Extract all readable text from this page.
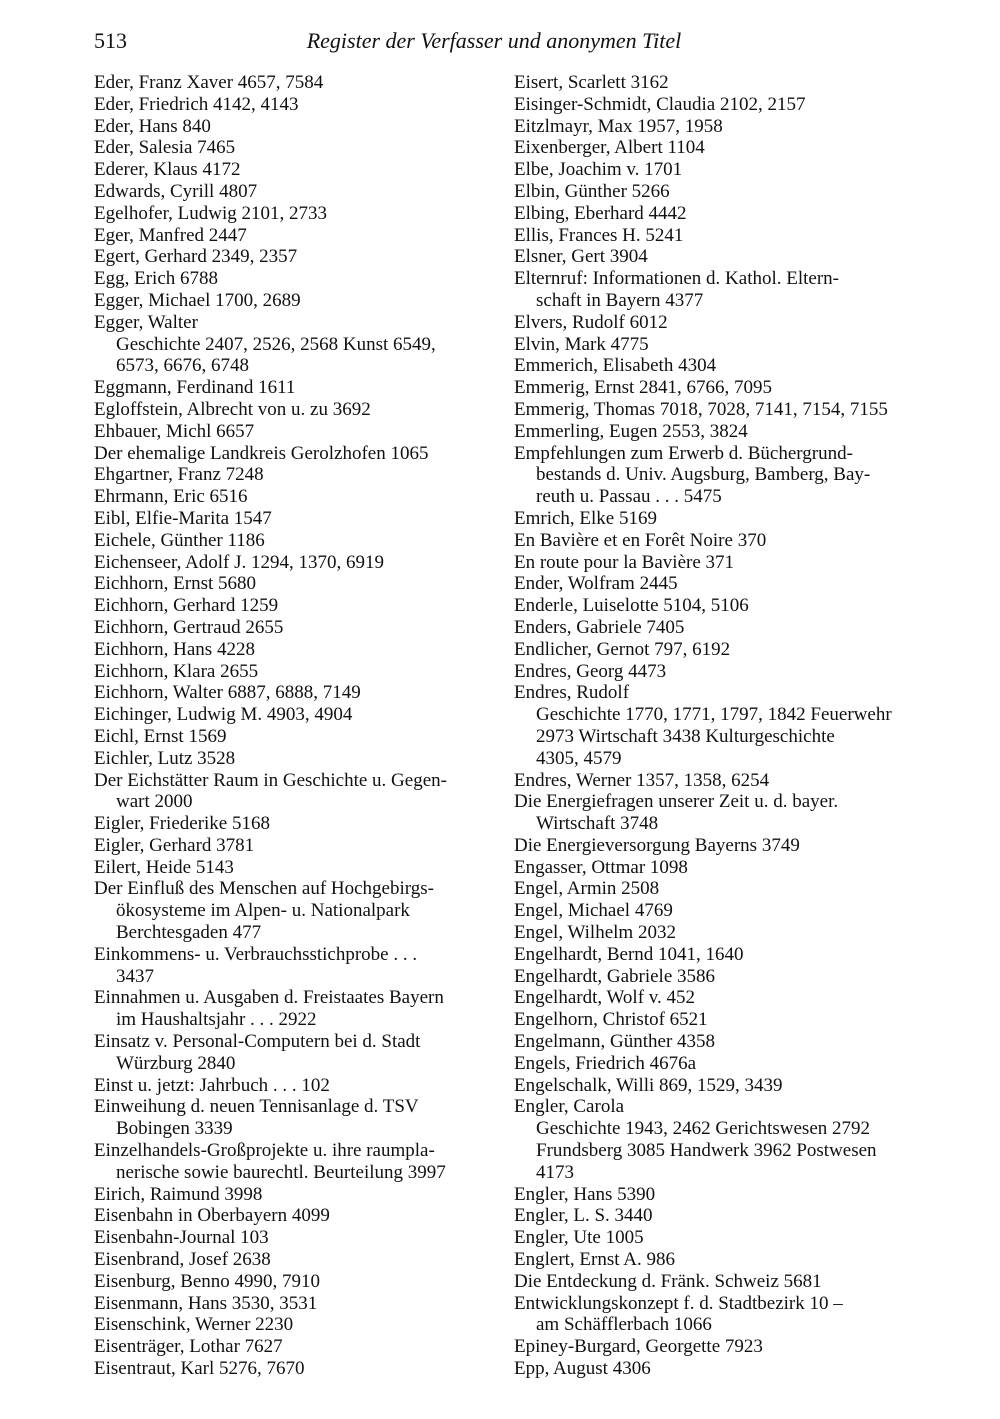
513	Register der Verfasser und anonymen Titel

Eder, Franz Xaver 4657, 7584

Eder, Friedrich 4142, 4143

Eder, Hans 840

Eder, Salesia 7465

Ederer, Klaus 4172

Edwards, Cyrill 4807

Egelhofer, Ludwig 2101, 2733

Eger, Manfred 2447

Egert, Gerhard 2349, 2357

Egg, Erich 6788

Egger, Michael 1700, 2689

Egger, Walter
Geschichte 2407, 2526, 2568 Kunst 6549,
6573, 6676, 6748

Eggmann, Ferdinand 1611

Egloffstein, Albrecht von u. zu 3692

Ehbauer, Michl 6657

Der ehemalige Landkreis Gerolzhofen 1065

Ehgartner, Franz 7248

Ehrmann, Eric 6516

Eibl, Elfie-Marita 1547

Eichele, Günther 1186

Eichenseer, Adolf J. 1294, 1370, 6919

Eichhorn, Ernst 5680

Eichhorn, Gerhard 1259

Eichhorn, Gertraud 2655

Eichhorn, Hans 4228

Eichhorn, Klara 2655

Eichhorn, Walter 6887, 6888, 7149

Eichinger, Ludwig M. 4903, 4904

Eichl, Ernst 1569

Eichler, Lutz 3528

Der Eichstätter Raum in Geschichte u. Gegen-
wart 2000

Eigler, Friederike 5168

Eigler, Gerhard 3781

Eilert, Heide 5143

Der Einfluß des Menschen auf Hochgebirgs-
ökosysteme im Alpen- u. Nationalpark
Berchtesgaden 477

Einkommens- u. Verbrauchsstichprobe . . .
3437

Einnahmen u. Ausgaben d. Freistaates Bayern
im Haushaltsjahr . . . 2922

Einsatz v. Personal-Computern bei d. Stadt
Würzburg 2840

Einst u. jetzt: Jahrbuch . . . 102

Einweihung d. neuen Tennisanlage d. TSV
Bobingen 3339

Einzelhandels-Großprojekte u. ihre raumpla-
nerische sowie baurechtl. Beurteilung 3997

Eirich, Raimund 3998

Eisenbahn in Oberbayern 4099

Eisenbahn-Journal 103

Eisenbrand, Josef 2638

Eisenburg, Benno 4990, 7910

Eisenmann, Hans 3530, 3531

Eisenschink, Werner 2230

Eisenträger, Lothar 7627

Eisentraut, Karl 5276, 7670

Eisert, Scarlett 3162

Eisinger-Schmidt, Claudia 2102, 2157

Eitzlmayr, Max 1957, 1958

Eixenberger, Albert 1104

Elbe, Joachim v. 1701

Elbin, Günther 5266

Elbing, Eberhard 4442

Ellis, Frances H. 5241

Elsner, Gert 3904

Elternruf: Informationen d. Kathol. Eltern-
schaft in Bayern 4377

Elvers, Rudolf 6012

Elvin, Mark 4775

Emmerich, Elisabeth 4304

Emmerig, Ernst 2841, 6766, 7095

Emmerig, Thomas 7018, 7028, 7141, 7154, 7155

Emmerling, Eugen 2553, 3824

Empfehlungen zum Erwerb d. Büchergrund-
bestands d. Univ. Augsburg, Bamberg, Bay-
reuth u. Passau . . . 5475

Emrich, Elke 5169

En Bavière et en Forêt Noire 370

En route pour la Bavière 371

Ender, Wolfram 2445

Enderle, Luiselotte 5104, 5106

Enders, Gabriele 7405

Endlicher, Gernot 797, 6192

Endres, Georg 4473

Endres, Rudolf
Geschichte 1770, 1771, 1797, 1842 Feuerwehr
2973 Wirtschaft 3438 Kulturgeschichte
4305, 4579

Endres, Werner 1357, 1358, 6254

Die Energiefragen unserer Zeit u. d. bayer.
Wirtschaft 3748

Die Energieversorgung Bayerns 3749

Engasser, Ottmar 1098

Engel, Armin 2508

Engel, Michael 4769

Engel, Wilhelm 2032

Engelhardt, Bernd 1041, 1640

Engelhardt, Gabriele 3586

Engelhardt, Wolf v. 452

Engelhorn, Christof 6521

Engelmann, Günther 4358

Engels, Friedrich 4676a

Engelschalk, Willi 869, 1529, 3439

Engler, Carola
Geschichte 1943, 2462 Gerichtswesen 2792
Frundsberg 3085 Handwerk 3962 Postwesen
4173

Engler, Hans 5390

Engler, L. S. 3440

Engler, Ute 1005

Englert, Ernst A. 986

Die Entdeckung d. Fränk. Schweiz 5681

Entwicklungskonzept f. d. Stadtbezirk 10 –
am Schäfflerbach 1066

Epiney-Burgard, Georgette 7923

Epp, August 4306
